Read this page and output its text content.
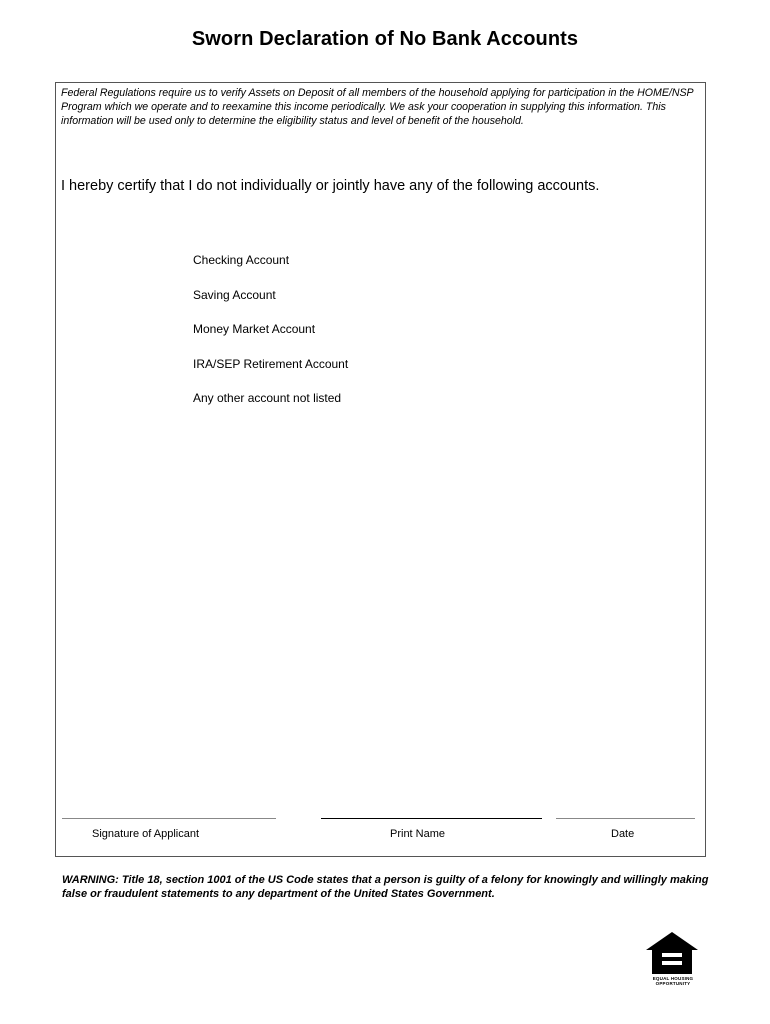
Sworn Declaration of No Bank Accounts
Federal Regulations require us to verify Assets on Deposit of all members of the household applying for participation in the HOME/NSP Program which we operate and to reexamine this income periodically. We ask your cooperation in supplying this information. This information will be used only to determine the eligibility status and level of benefit of the household.
I hereby certify that I do not individually or jointly have any of the following accounts.
Checking Account
Saving Account
Money Market Account
IRA/SEP Retirement Account
Any other account not listed
Signature of Applicant	Print Name	Date
WARNING: Title 18, section 1001 of the US Code states that a person is guilty of a felony for knowingly and willingly making false or fraudulent statements to any department of the United States Government.
EQUAL HOUSING
OPPORTUNITY
